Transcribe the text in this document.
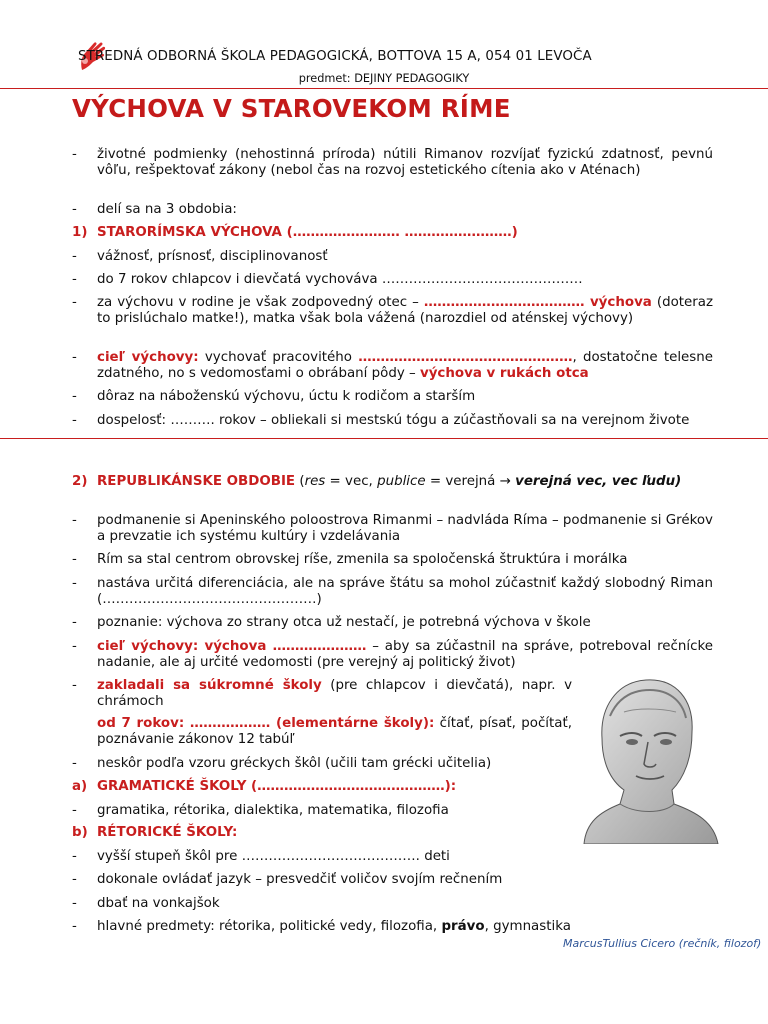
STREDNÁ ODBORNÁ ŠKOLA PEDAGOGICKÁ, BOTTOVA 15 A, 054 01 LEVOČA
predmet: DEJINY PEDAGOGIKY
VÝCHOVA V STAROVEKOM RÍME
- životné podmienky (nehostinná príroda) nútili Rimanov rozvíjať fyzickú zdatnosť, pevnú vôľu, rešpektovať zákony (nebol čas na rozvoj estetického cítenia ako v Aténach)
- delí sa na 3 obdobia:
1) STARORÍMSKA VÝCHOVA (…………………… ……………………)
- vážnosť, prísnosť, disciplinovanosť
- do 7 rokov chlapcov i dievčatá vychováva ………………………………………
- za výchovu v rodine je však zodpovedný otec – ……………………………… výchova (doteraz to prislúchalo matke!), matka však bola vážená (narozdiel od aténskej výchovy)
- cieľ výchovy: vychovať pracovitého …………………………………………, dostatočne telesne zdatného, no s vedomosťami o obrábaní pôdy – výchova v rukách otca
- dôraz na náboženskú výchovu, úctu k rodičom a starším
- dospelosť: ………. rokov – obliekali si mestskú tógu a zúčastňovali sa na verejnom živote
2) REPUBLIKÁNSKE OBDOBIE (res = vec, publice = verejná → verejná vec, vec ľudu)
- podmanenie si Apeninského poloostrova Rimanmi – nadvláda Ríma – podmanenie si Grékov a prevzatie ich systému kultúry i vzdelávania
- Rím sa stal centrom obrovskej ríše, zmenila sa spoločenská štruktúra i morálka
- nastáva určitá diferenciácia, ale na správe štátu sa mohol zúčastniť každý slobodný Riman (…………………………………………)
- poznanie: výchova zo strany otca už nestačí, je potrebná výchova v škole
- cieľ výchovy: výchova ………………… – aby sa zúčastnil na správe, potreboval rečnícke nadanie, ale aj určité vedomosti (pre verejný aj politický život)
- zakladali sa súkromné školy (pre chlapcov i dievčatá), napr. v chrámoch
od 7 rokov: ……………… (elementárne školy): čítať, písať, počítať, poznávanie zákonov 12 tabúľ
- neskôr podľa vzoru gréckych škôl (učili tam grécki učitelia)
a) GRAMATICKÉ ŠKOLY (……………………………………):
- gramatika, rétorika, dialektika, matematika, filozofia
b) RÉTORICKÉ ŠKOLY:
- vyšší stupeň škôl pre …………………………………. deti
- dokonale ovládať jazyk – presvedčiť voličov svojím rečnením
- dbať na vonkajšok
- hlavné predmety: rétorika, politické vedy, filozofia, právo, gymnastika
MarcusTullius Cicero (rečník, filozof)
